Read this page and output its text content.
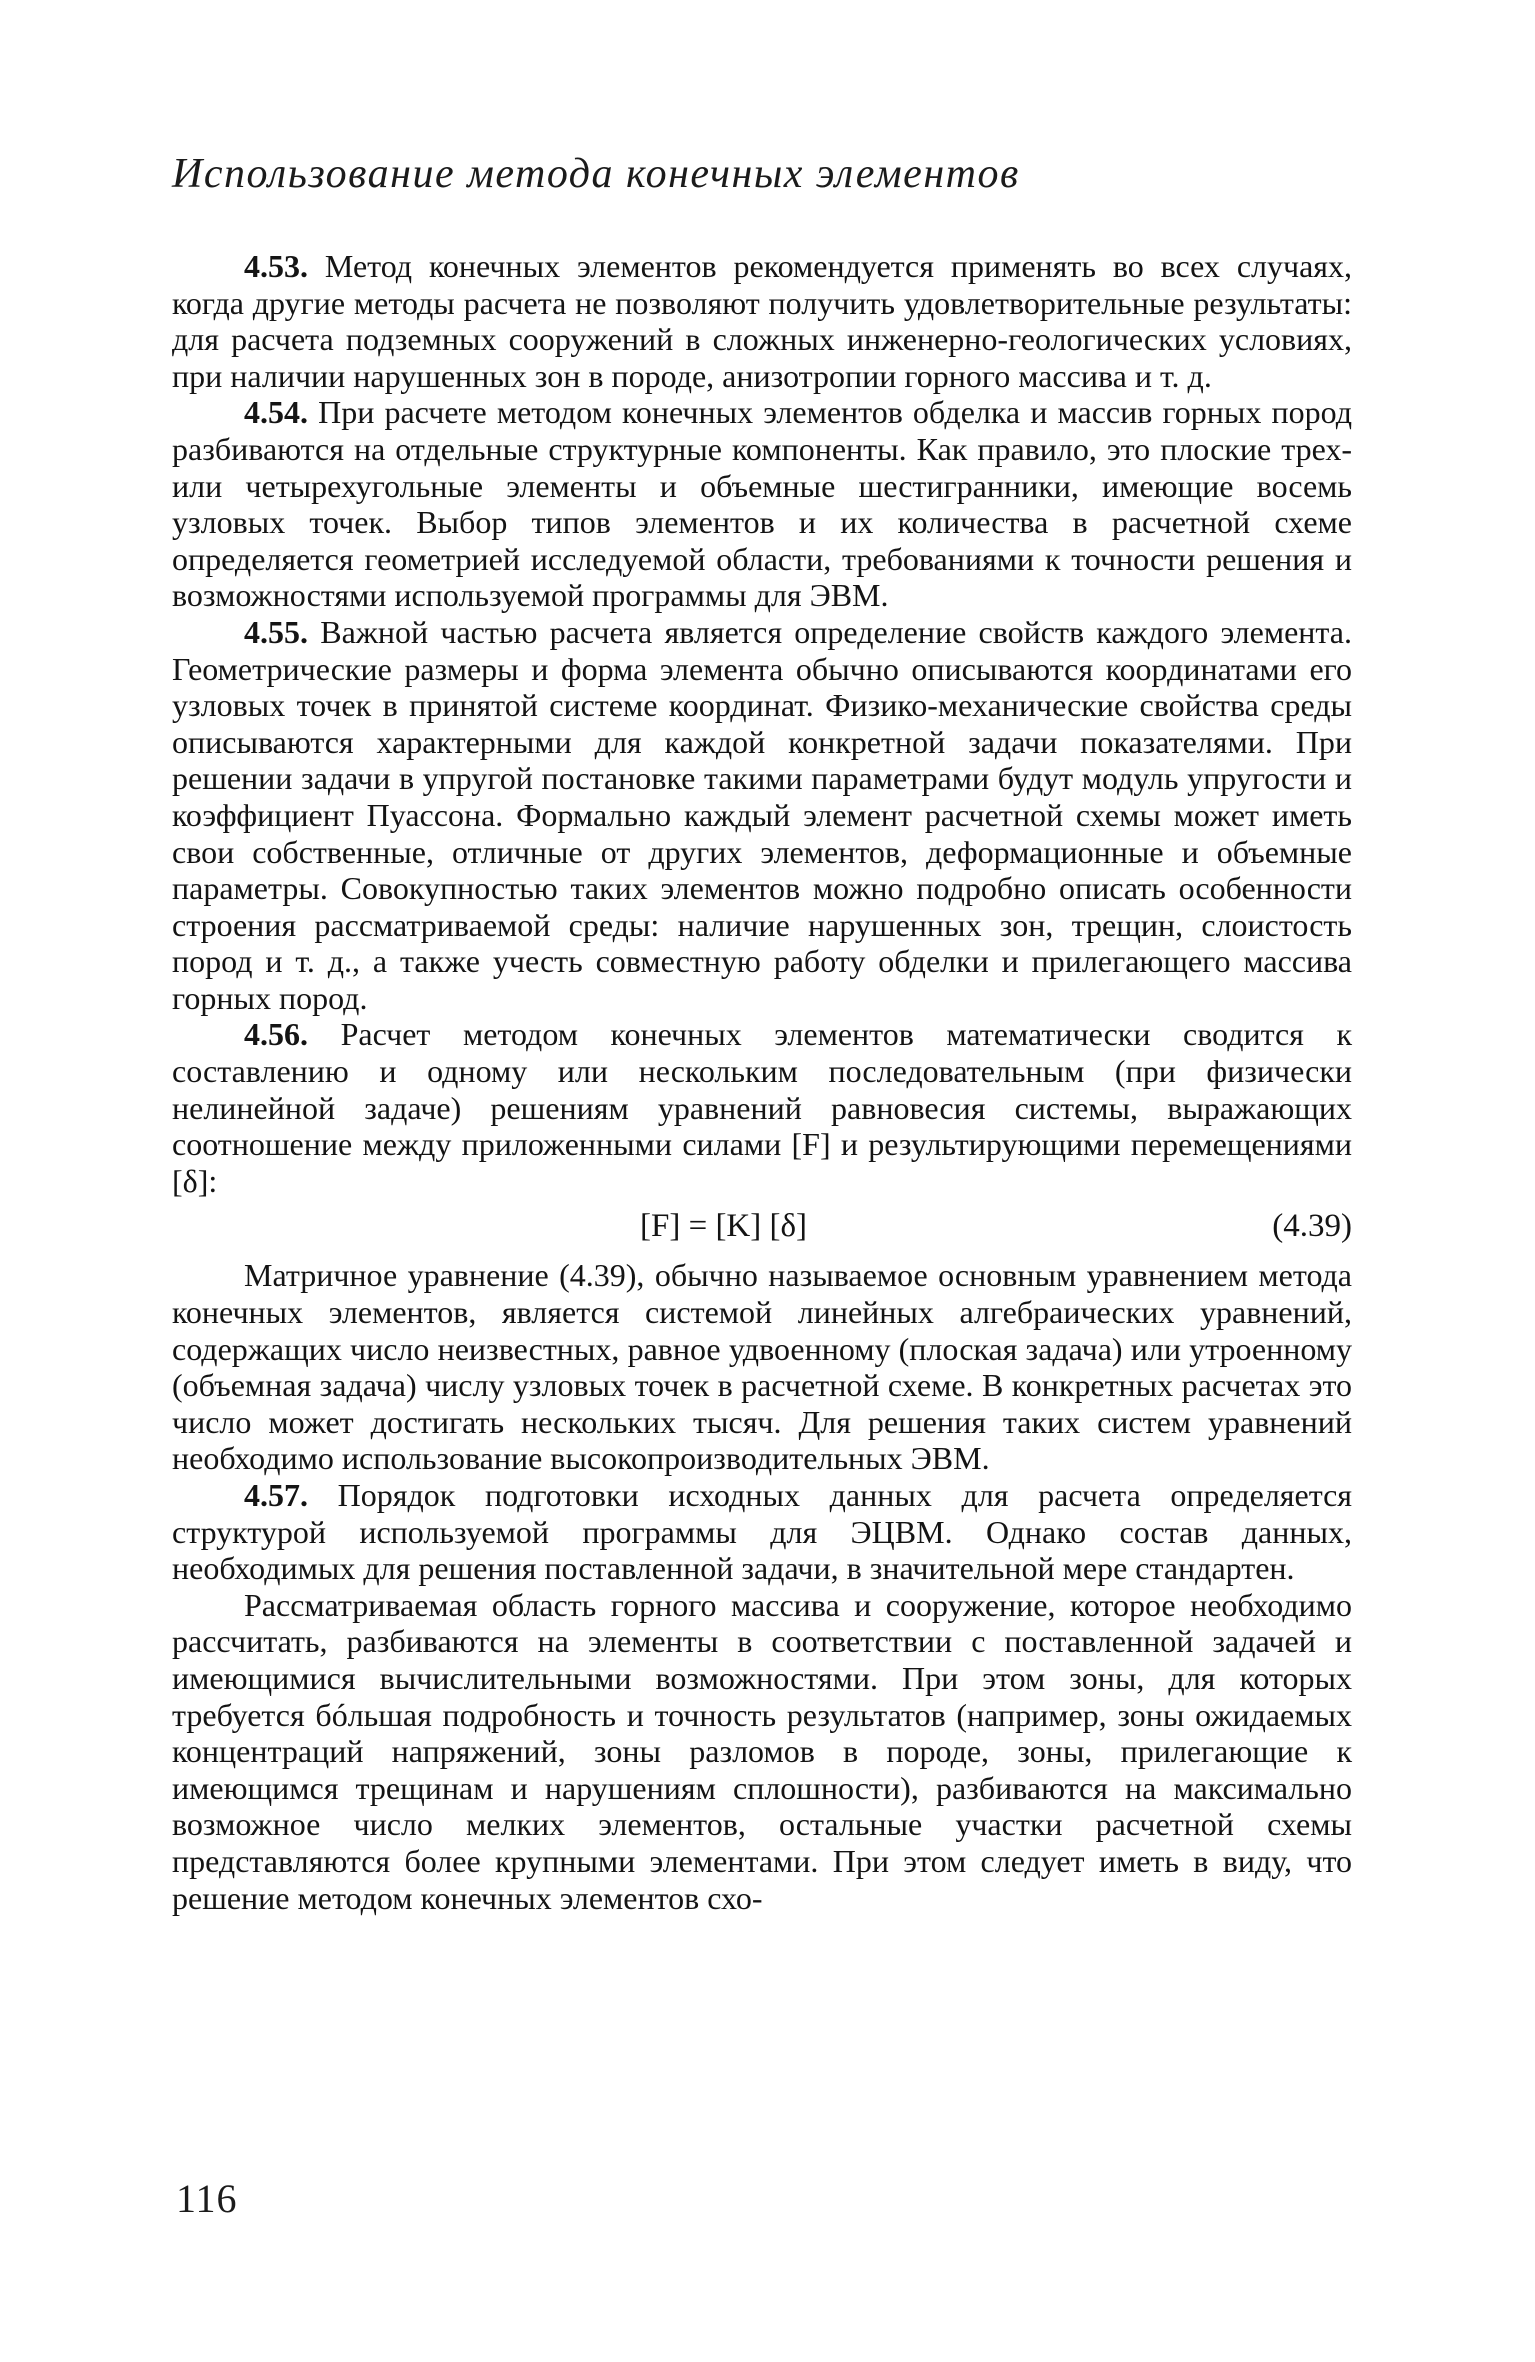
Использование метода конечных элементов

4.53. Метод конечных элементов рекомендуется применять во всех случаях, когда другие методы расчета не позволяют получить удовлетворительные результаты: для расчета подземных сооружений в сложных инженерно-геологических условиях, при наличии нарушенных зон в породе, анизотропии горного массива и т. д.

4.54. При расчете методом конечных элементов обделка и массив горных пород разбиваются на отдельные структурные компоненты. Как правило, это плоские трех- или четырехугольные элементы и объемные шестигранники, имеющие восемь узловых точек. Выбор типов элементов и их количества в расчетной схеме определяется геометрией исследуемой области, требованиями к точности решения и возможностями используемой программы для ЭВМ.

4.55. Важной частью расчета является определение свойств каждого элемента. Геометрические размеры и форма элемента обычно описываются координатами его узловых точек в принятой системе координат. Физико-механические свойства среды описываются характерными для каждой конкретной задачи показателями. При решении задачи в упругой постановке такими параметрами будут модуль упругости и коэффициент Пуассона. Формально каждый элемент расчетной схемы может иметь свои собственные, отличные от других элементов, деформационные и объемные параметры. Совокупностью таких элементов можно подробно описать особенности строения рассматриваемой среды: наличие нарушенных зон, трещин, слоистость пород и т. д., а также учесть совместную работу обделки и прилегающего массива горных пород.

4.56. Расчет методом конечных элементов математически сводится к составлению и одному или нескольким последовательным (при физически нелинейной задаче) решениям уравнений равновесия системы, выражающих соотношение между приложенными силами [F] и результирующими перемещениями [δ]:

[F] = [K] [δ]	(4.39)

Матричное уравнение (4.39), обычно называемое основным уравнением метода конечных элементов, является системой линейных алгебраических уравнений, содержащих число неизвестных, равное удвоенному (плоская задача) или утроенному (объемная задача) числу узловых точек в расчетной схеме. В конкретных расчетах это число может достигать нескольких тысяч. Для решения таких систем уравнений необходимо использование высокопроизводительных ЭВМ.

4.57. Порядок подготовки исходных данных для расчета определяется структурой используемой программы для ЭЦВМ. Однако состав данных, необходимых для решения поставленной задачи, в значительной мере стандартен.

Рассматриваемая область горного массива и сооружение, которое необходимо рассчитать, разбиваются на элементы в соответствии с поставленной задачей и имеющимися вычислительными возможностями. При этом зоны, для которых требуется бóльшая подробность и точность результатов (например, зоны ожидаемых концентраций напряжений, зоны разломов в породе, зоны, прилегающие к имеющимся трещинам и нарушениям сплошности), разбиваются на максимально возможное число мелких элементов, остальные участки расчетной схемы представляются более крупными элементами. При этом следует иметь в виду, что решение методом конечных элементов схо-

116
